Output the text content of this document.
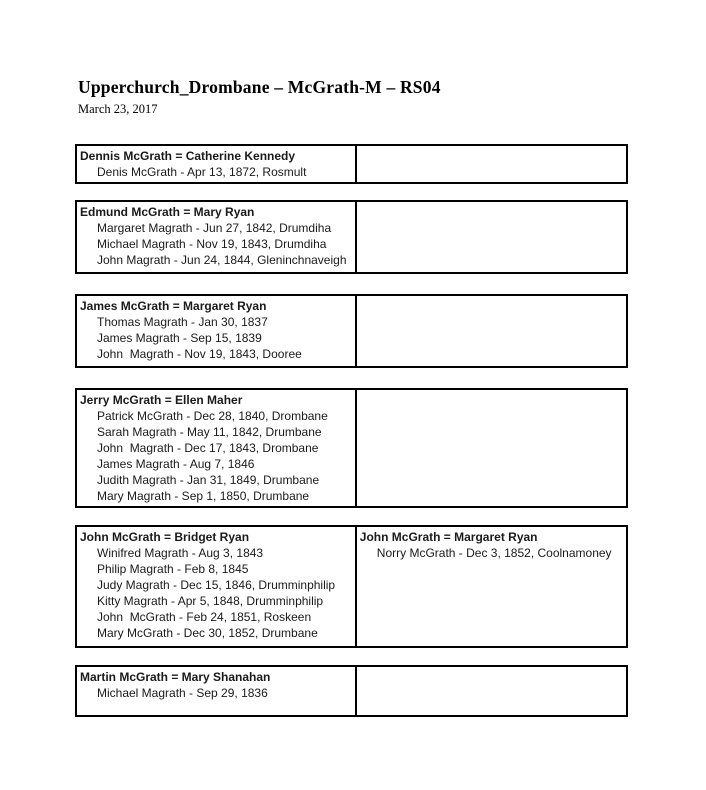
Upperchurch_Drombane – McGrath-M – RS04
March 23, 2017
Dennis McGrath = Catherine Kennedy
Denis McGrath - Apr 13, 1872, Rosmult
Edmund McGrath = Mary Ryan
Margaret Magrath - Jun 27, 1842, Drumdiha
Michael Magrath - Nov 19, 1843, Drumdiha
John Magrath - Jun 24, 1844, Gleninchnaveigh
James McGrath = Margaret Ryan
Thomas Magrath - Jan 30, 1837
James Magrath - Sep 15, 1839
John  Magrath - Nov 19, 1843, Dooree
Jerry McGrath = Ellen Maher
Patrick McGrath - Dec 28, 1840, Drombane
Sarah Magrath - May 11, 1842, Drumbane
John  Magrath - Dec 17, 1843, Drombane
James Magrath - Aug 7, 1846
Judith Magrath - Jan 31, 1849, Drumbane
Mary Magrath - Sep 1, 1850, Drumbane
John McGrath = Bridget Ryan
Winifred Magrath - Aug 3, 1843
Philip Magrath - Feb 8, 1845
Judy Magrath - Dec 15, 1846, Drumminphilip
Kitty Magrath - Apr 5, 1848, Drumminphilip
John  McGrath - Feb 24, 1851, Roskeen
Mary McGrath - Dec 30, 1852, Drumbane
John McGrath = Margaret Ryan
Norry McGrath - Dec 3, 1852, Coolnamoney
Martin McGrath = Mary Shanahan
Michael Magrath - Sep 29, 1836
